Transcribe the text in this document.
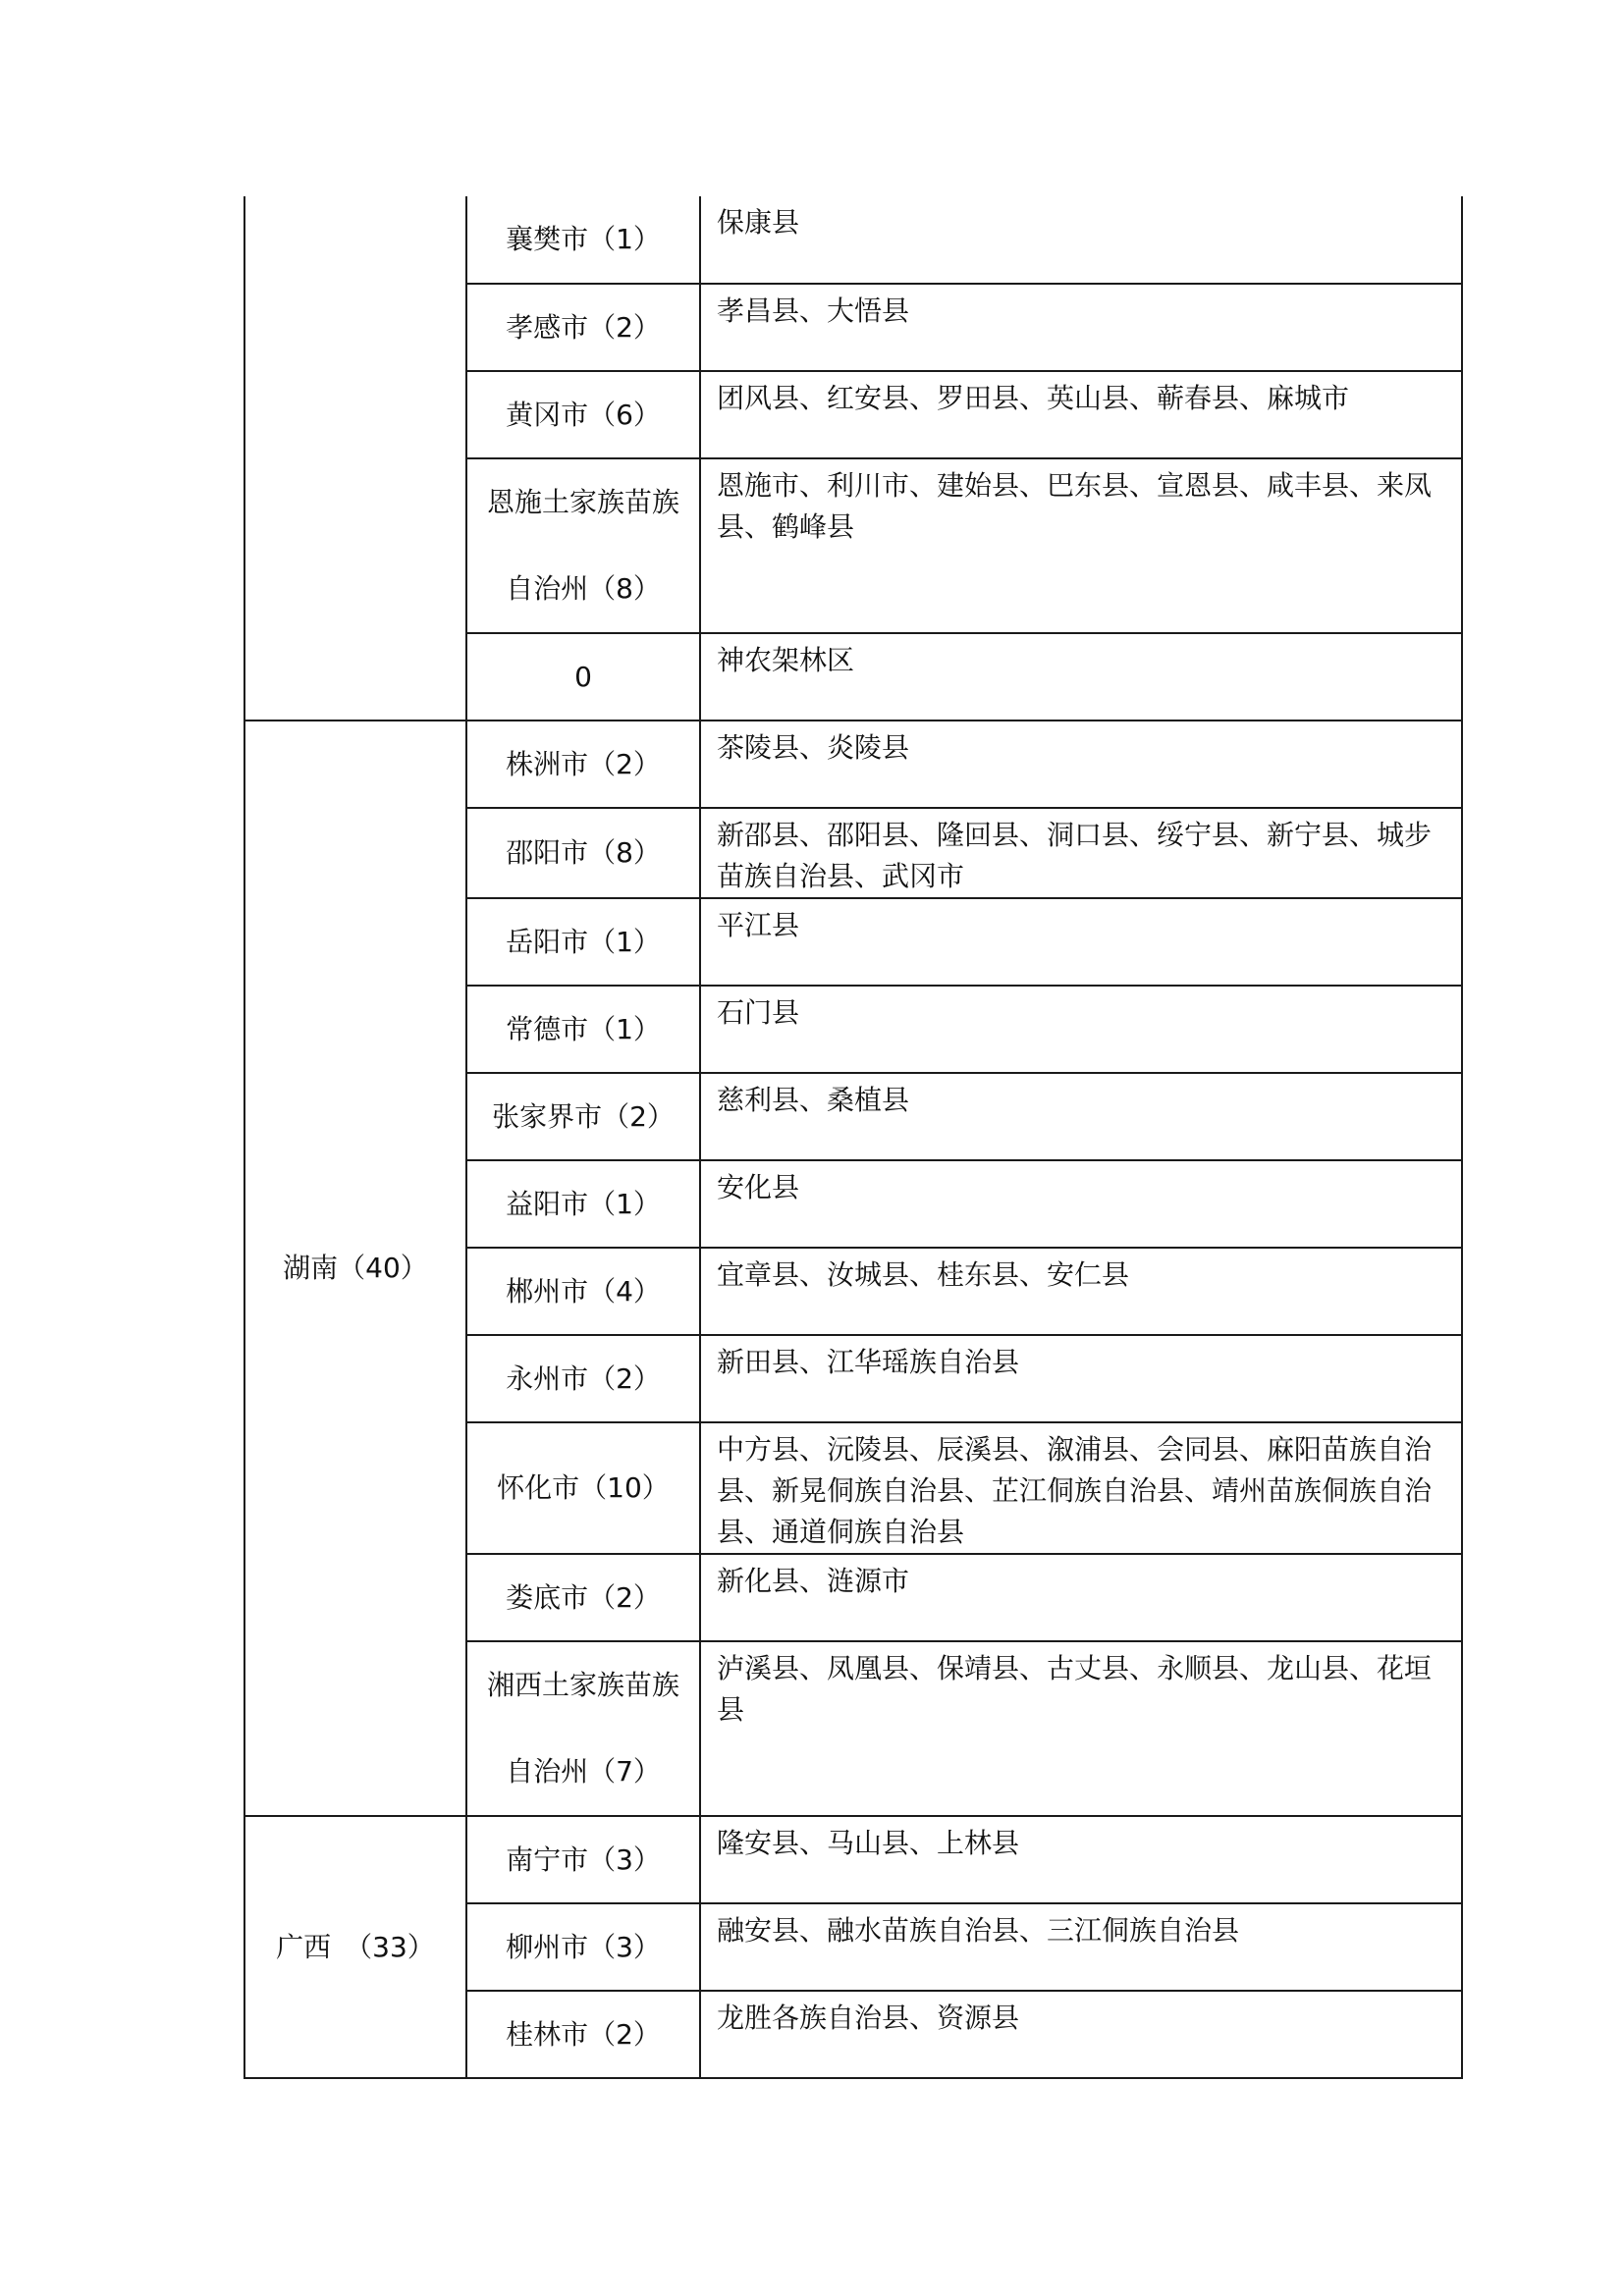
	襄樊市（1）	保康县
	孝感市（2）	孝昌县、大悟县
	黄冈市（6）	团风县、红安县、罗田县、英山县、蕲春县、麻城市

	恩施土家族苗族
自治州（8）	恩施市、利川市、建始县、巴东县、宣恩县、咸丰县、来凤县、鹤峰县
	0	神农架林区
湖南（40）	株洲市（2）	茶陵县、炎陵县
	邵阳市（8）	新邵县、邵阳县、隆回县、洞口县、绥宁县、新宁县、城步苗族自治县、武冈市
	岳阳市（1）	平江县
	常德市（1）	石门县
	张家界市（2）	慈利县、桑植县
	益阳市（1）	安化县
	郴州市（4）	宜章县、汝城县、桂东县、安仁县
	永州市（2）	新田县、江华瑶族自治县
	怀化市（10）	中方县、沅陵县、辰溪县、溆浦县、会同县、麻阳苗族自治县、新晃侗族自治县、芷江侗族自治县、靖州苗族侗族自治县、通道侗族自治县
	娄底市（2）	新化县、涟源市

	湘西土家族苗族
自治州（7）	泸溪县、凤凰县、保靖县、古丈县、永顺县、龙山县、花垣县
广西　（33）	南宁市（3）	隆安县、马山县、上林县
	柳州市（3）	融安县、融水苗族自治县、三江侗族自治县
	桂林市（2）	龙胜各族自治县、资源县
